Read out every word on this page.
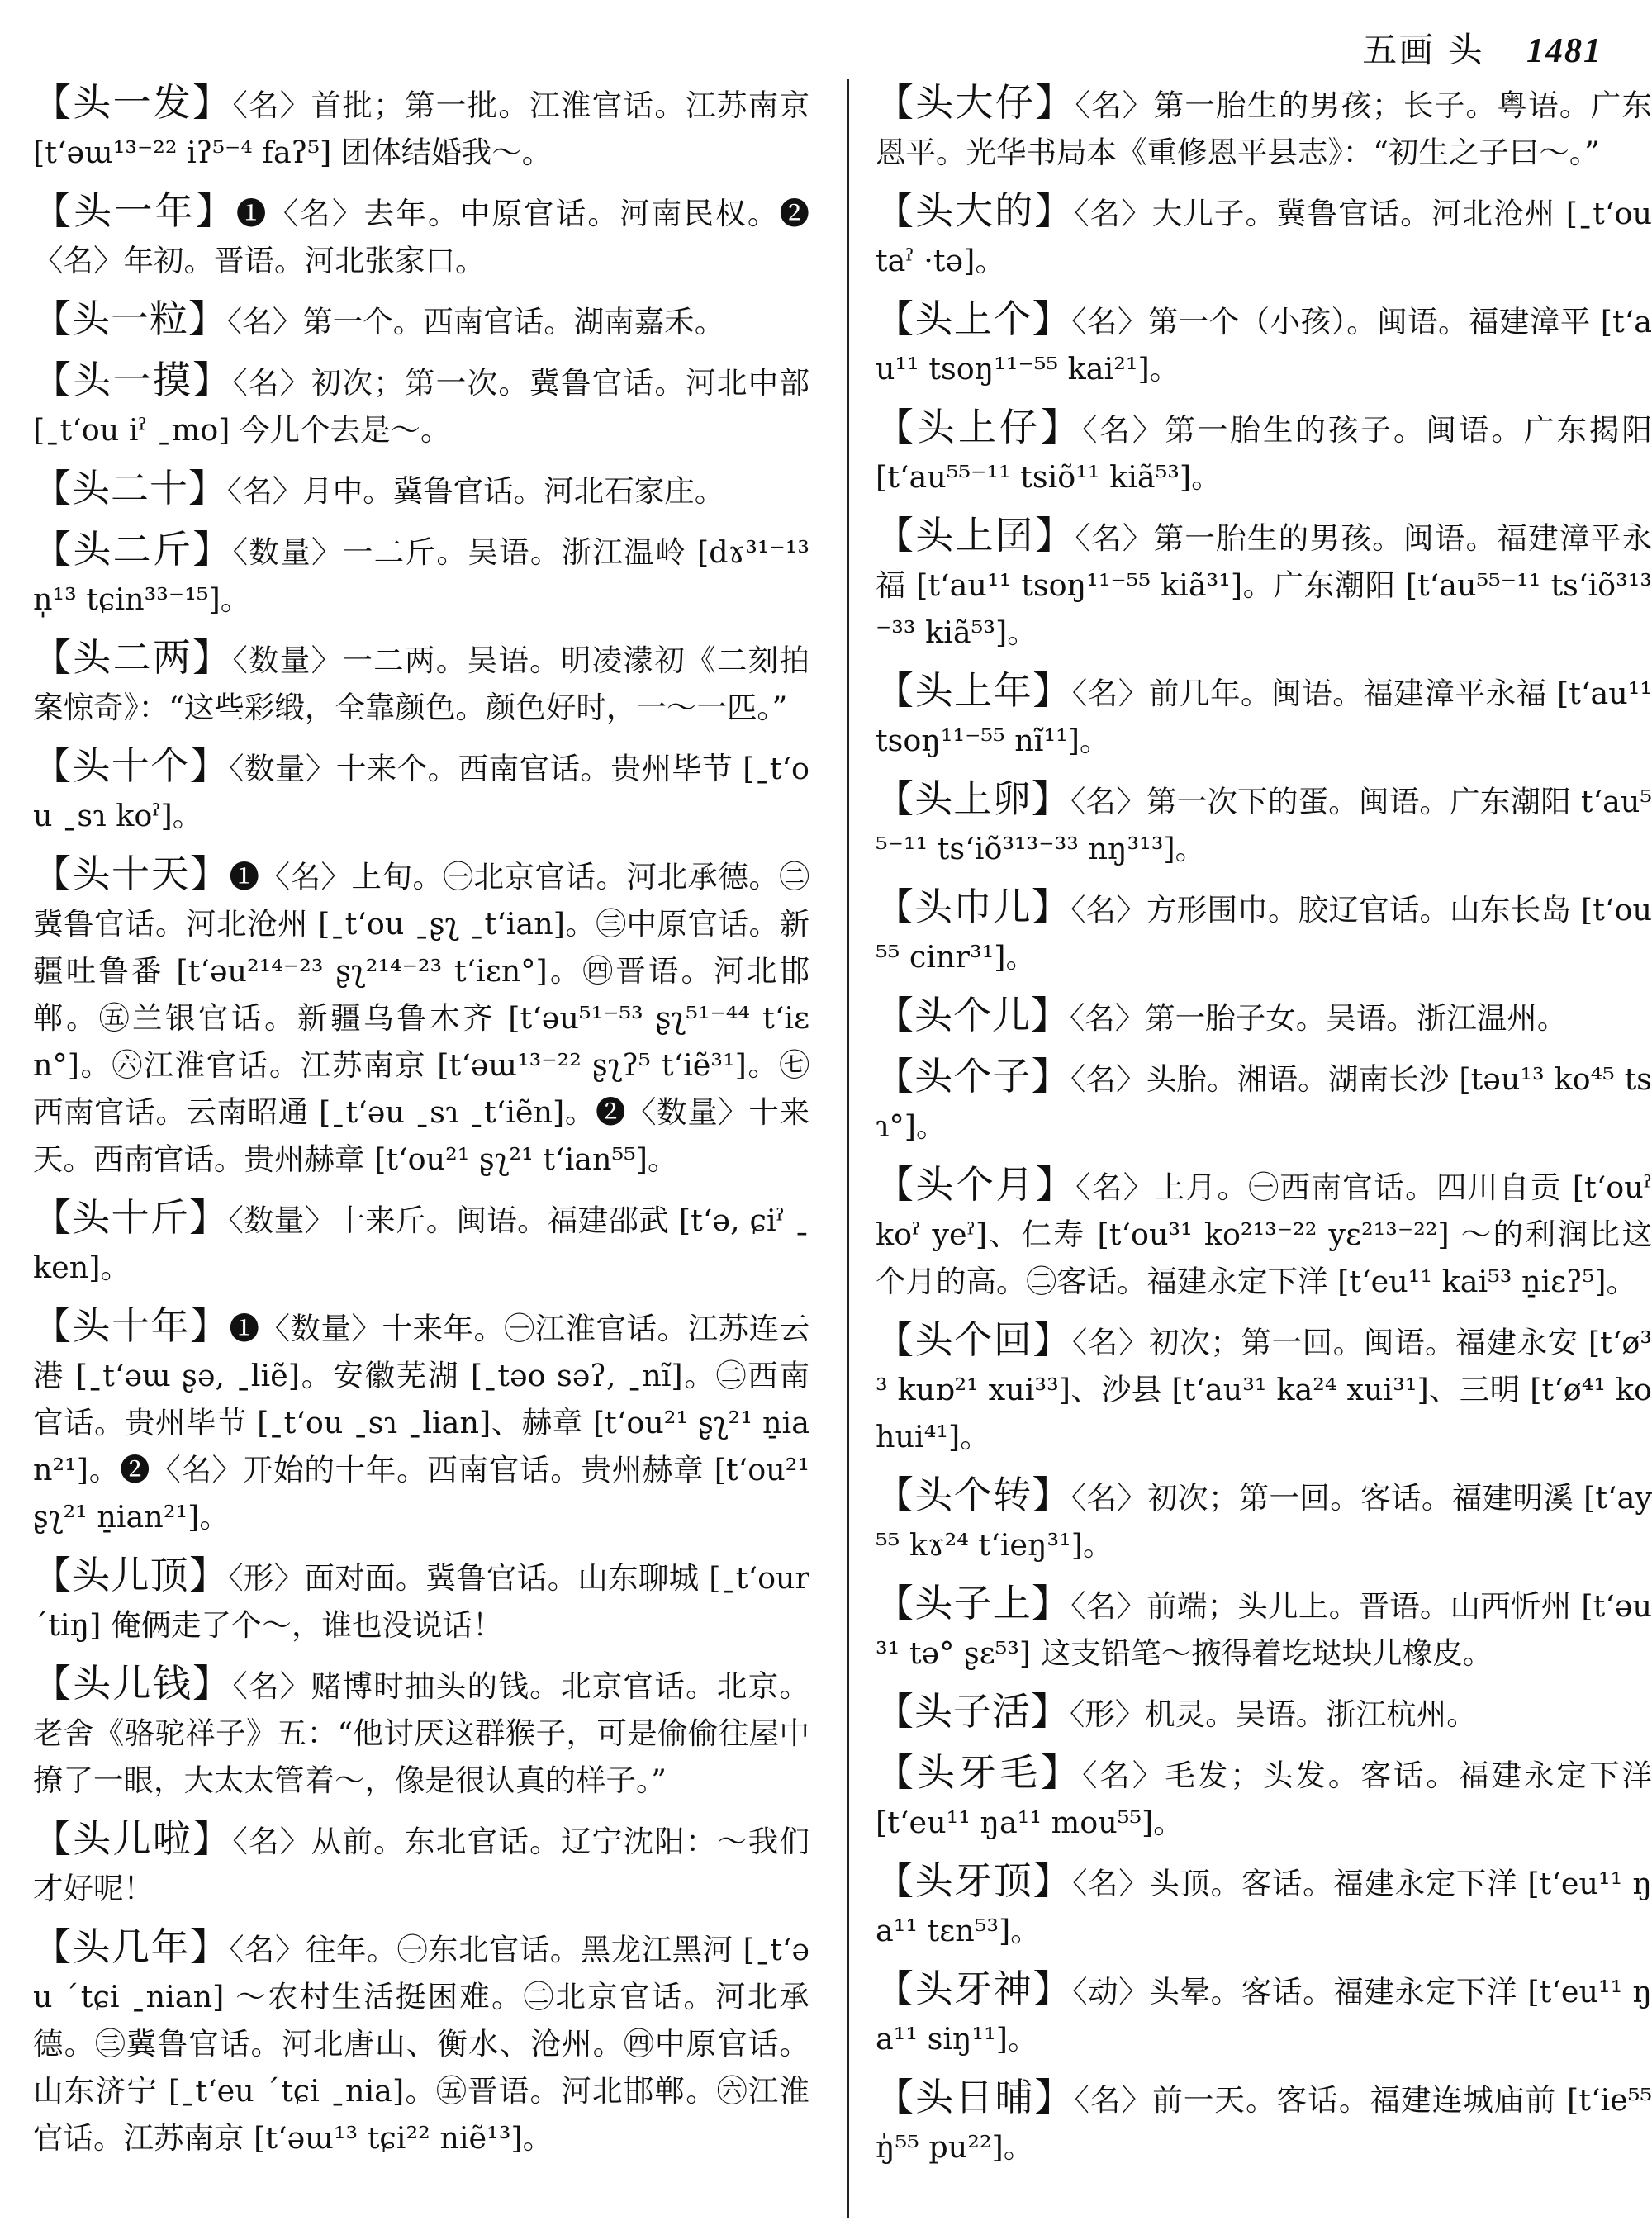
五画 头 1481
【头一发】〈名〉首批；第一批。江淮官话。江苏南京 [t‘əɯ¹³⁻²² iʔ⁵⁻⁴ faʔ⁵] 团体结婚我～。
【头一年】❶〈名〉去年。中原官话。河南民权。❷〈名〉年初。晋语。河北张家口。
【头一粒】〈名〉第一个。西南官话。湖南嘉禾。
【头一摸】〈名〉初次；第一次。冀鲁官话。河北中部 [ˍt‘ou iˀ ˍmo] 今儿个去是～。
【头二十】〈名〉月中。冀鲁官话。河北石家庄。
【头二斤】〈数量〉一二斤。吴语。浙江温岭 [dɤ³¹⁻¹³ n̩¹³ tɕin³³⁻¹⁵]。
【头二两】〈数量〉一二两。吴语。明凌濛初《二刻拍案惊奇》：“这些彩缎，全靠颜色。颜色好时，一～一匹。”
【头十个】〈数量〉十来个。西南官话。贵州毕节 [ˍt‘ou ˍsɿ koˀ]。
【头十天】❶〈名〉上旬。㊀北京官话。河北承德。㊁冀鲁官话。河北沧州 [ˍt‘ou ˍʂʅ ˍt‘ian]。㊂中原官话。新疆吐鲁番 [t‘əu²¹⁴⁻²³ ʂʅ²¹⁴⁻²³ t‘iɛn°]。㊃晋语。河北邯郸。㊄兰银官话。新疆乌鲁木齐 [t‘əu⁵¹⁻⁵³ ʂʅ⁵¹⁻⁴⁴ t‘iɛn°]。㊅江淮官话。江苏南京 [t‘əɯ¹³⁻²² ʂʅʔ⁵ t‘iẽ³¹]。㊆西南官话。云南昭通 [ˍt‘əu ˍsɿ ˍt‘iẽn]。❷〈数量〉十来天。西南官话。贵州赫章 [t‘ou²¹ ʂʅ²¹ t‘ian⁵⁵]。
【头十斤】〈数量〉十来斤。闽语。福建邵武 [t‘ə, ɕiˀ ˍken]。
【头十年】❶〈数量〉十来年。㊀江淮官话。江苏连云港 [ˍt‘əɯ ʂə, ˍliẽ]。安徽芜湖 [ˍtəo səʔ, ˍnĩ]。㊁西南官话。贵州毕节 [ˍt‘ou ˍsɿ ˍlian]、赫章 [t‘ou²¹ ʂʅ²¹ n̠ian²¹]。❷〈名〉开始的十年。西南官话。贵州赫章 [t‘ou²¹ ʂʅ²¹ n̠ian²¹]。
【头儿顶】〈形〉面对面。冀鲁官话。山东聊城 [ˍt‘our ˊtiŋ] 俺俩走了个～，谁也没说话！
【头儿钱】〈名〉赌博时抽头的钱。北京官话。北京。老舍《骆驼祥子》五：“他讨厌这群猴子，可是偷偷往屋中撩了一眼，大太太管着～，像是很认真的样子。”
【头儿啦】〈名〉从前。东北官话。辽宁沈阳：～我们才好呢！
【头几年】〈名〉往年。㊀东北官话。黑龙江黑河 [ˍt‘əu ˊtɕi ˍnian] ～农村生活挺困难。㊁北京官话。河北承德。㊂冀鲁官话。河北唐山、衡水、沧州。㊃中原官话。山东济宁 [ˍt‘eu ˊtɕi ˍnia]。㊄晋语。河北邯郸。㊅江淮官话。江苏南京 [t‘əɯ¹³ tɕi²² niẽ¹³]。
【头大仔】〈名〉第一胎生的男孩；长子。粤语。广东恩平。光华书局本《重修恩平县志》：“初生之子曰～。”
【头大的】〈名〉大儿子。冀鲁官话。河北沧州 [ˍt‘ou taˀ ·tə]。
【头上个】〈名〉第一个（小孩）。闽语。福建漳平 [t‘au¹¹ tsoŋ¹¹⁻⁵⁵ kai²¹]。
【头上仔】〈名〉第一胎生的孩子。闽语。广东揭阳 [t‘au⁵⁵⁻¹¹ tsiõ¹¹ kiã⁵³]。
【头上囝】〈名〉第一胎生的男孩。闽语。福建漳平永福 [t‘au¹¹ tsoŋ¹¹⁻⁵⁵ kiã³¹]。广东潮阳 [t‘au⁵⁵⁻¹¹ ts‘iõ³¹³⁻³³ kiã⁵³]。
【头上年】〈名〉前几年。闽语。福建漳平永福 [t‘au¹¹ tsoŋ¹¹⁻⁵⁵ nĩ¹¹]。
【头上卵】〈名〉第一次下的蛋。闽语。广东潮阳 t‘au⁵⁵⁻¹¹ ts‘iõ³¹³⁻³³ nŋ³¹³]。
【头巾儿】〈名〉方形围巾。胶辽官话。山东长岛 [t‘ou⁵⁵ cinr³¹]。
【头个儿】〈名〉第一胎子女。吴语。浙江温州。
【头个子】〈名〉头胎。湘语。湖南长沙 [təu¹³ ko⁴⁵ tsɿ°]。
【头个月】〈名〉上月。㊀西南官话。四川自贡 [t‘ouˀ koˀ yeˀ]、仁寿 [t‘ou³¹ ko²¹³⁻²² yɛ²¹³⁻²²] ～的利润比这个月的高。㊁客话。福建永定下洋 [t‘eu¹¹ kai⁵³ n̠iɛʔ⁵]。
【头个回】〈名〉初次；第一回。闽语。福建永安 [t‘ø³³ kuɒ²¹ xui³³]、沙县 [t‘au³¹ ka²⁴ xui³¹]、三明 [t‘ø⁴¹ ko hui⁴¹]。
【头个转】〈名〉初次；第一回。客话。福建明溪 [t‘ay⁵⁵ kɤ²⁴ t‘ieŋ³¹]。
【头子上】〈名〉前端；头儿上。晋语。山西忻州 [t‘əu³¹ tə° ʂɛ⁵³] 这支铅笔～掖得着圪垯块儿橡皮。
【头子活】〈形〉机灵。吴语。浙江杭州。
【头牙毛】〈名〉毛发；头发。客话。福建永定下洋 [t‘eu¹¹ ŋa¹¹ mou⁵⁵]。
【头牙顶】〈名〉头顶。客话。福建永定下洋 [t‘eu¹¹ ŋa¹¹ tɛn⁵³]。
【头牙神】〈动〉头晕。客话。福建永定下洋 [t‘eu¹¹ ŋa¹¹ siŋ¹¹]。
【头日晡】〈名〉前一天。客话。福建连城庙前 [t‘ie⁵⁵ ŋ̍⁵⁵ pu²²]。
